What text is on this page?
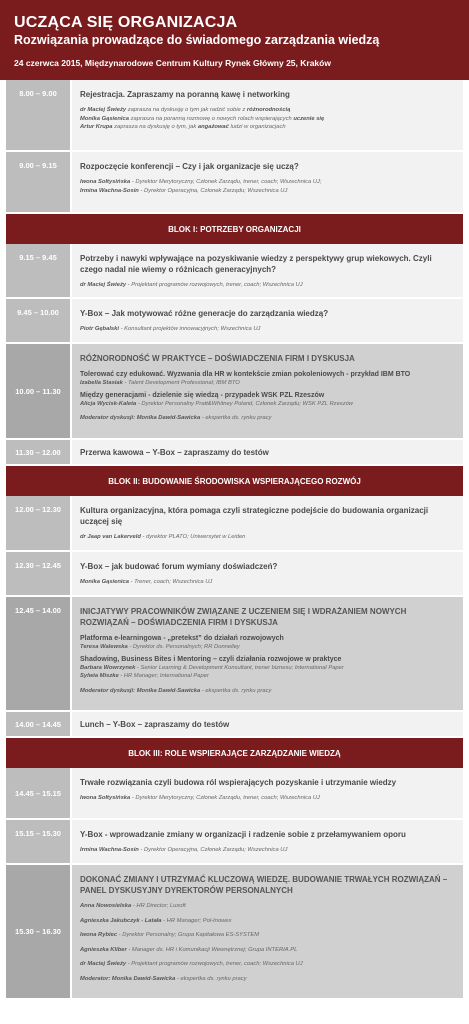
UCZĄCA SIĘ ORGANIZACJA
Rozwiązania prowadzące do świadomego zarządzania wiedzą
24 czerwca 2015, Międzynarodowe Centrum Kultury Rynek Główny 25, Kraków
8.00 – 9.00	Rejestracja. Zapraszamy na poranną kawę i networking
dr Maciej Świeży zaprasza na dyskusję o tym jak radzić sobie z różnorodnością
Monika Gąsienica zaprasza na poranną rozmowę o nowych rolach wspierających uczenie się
Artur Krupa zaprasza na dyskusję o tym, jak angażować ludzi w organizacjach
9.00 – 9.15	Rozpoczęcie konferencji – Czy i jak organizacje się uczą?
Iwona Sołtysińska - Dyrektor Merytoryczny, Członek Zarządu, trener, coach; Wszechnica UJ;
Irmina Wachna-Sosin - Dyrektor Operacyjna, Członek Zarządu; Wszechnica UJ
BLOK I: POTRZEBY ORGANIZACJI
9.15 – 9.45	Potrzeby i nawyki wpływające na pozyskiwanie wiedzy z perspektywy grup wiekowych. Czyli czego nadal nie wiemy o różnicach generacyjnych?
dr Maciej Świeży - Projektant programów rozwojowych, trener, coach; Wszechnica UJ
9.45 – 10.00	Y-Box – Jak motywować różne generacje do zarządzania wiedzą?
Piotr Gębalski - Konsultant projektów innowacyjnych; Wszechnica UJ
10.00 – 11.30
RÓŻNORODNOŚĆ W PRAKTYCE – DOŚWIADCZENIA FIRM I DYSKUSJA
Tolerować czy edukować. Wyzwania dla HR w kontekście zmian pokoleniowych - przykład IBM BTO
Izabella Stasiak - Talent Development Professional; IBM BTO
Między generacjami - dzielenie się wiedzą - przypadek WSK PZL Rzeszów
Alicja Wycisk-Kaleta - Dyrektor Personalny Pratt&Whitney Poland, Członek Zarządu; WSK PZL Rzeszów
Moderator dyskusji: Monika Dawid-Sawicka - ekspertka ds. rynku pracy
11.30 – 12.00	Przerwa kawowa – Y-Box – zapraszamy do testów
BLOK II: BUDOWANIE ŚRODOWISKA WSPIERAJĄCEGO ROZWÓJ
12.00 – 12.30	Kultura organizacyjna, która pomaga czyli strategiczne podejście do budowania organizacji uczącej się
dr Jaap van Lakerveld - dyrektor PLATO; Uniwersytet w Leiden
12.30 – 12.45	Y-Box – jak budować forum wymiany doświadczeń?
Monika Gąsienica - Trener, coach; Wszechnica UJ
12.45 – 14.00	INICJATYWY PRACOWNIKÓW ZWIĄZANE Z UCZENIEM SIĘ I WDRAŻANIEM NOWYCH ROZWIĄZAŃ – DOŚWIADCZENIA FIRM I DYSKUSJA
Platforma e-learningowa - „pretekst” do działań rozwojowych
Teresa Walewska - Dyrektor ds. Personalnych; RR Donnelley
Shadowing, Business Bites i Mentoring – czyli działania rozwojowe w praktyce
Barbara Wowrzynek - Senior Learning & Development Konsultant, trener biznesu; International Paper
Sylwia Miszke - HR Manager; International Paper
Moderator dyskusji: Monika Dawid-Sawicka - ekspertka ds. rynku pracy
14.00 – 14.45	Lunch – Y-Box – zapraszamy do testów
BLOK III: ROLE WSPIERAJĄCE ZARZĄDZANIE WIEDZĄ
14.45 – 15.15
Trwałe rozwiązania czyli budowa ról wspierających pozyskanie i utrzymanie wiedzy
Iwona Sołtysińska - Dyrektor Merytoryczny, Członek Zarządu, trener, coach; Wszechnica UJ
15.15 – 15.30	Y-Box - wprowadzanie zmiany w organizacji i radzenie sobie z przełamywaniem oporu
Irmina Wachna-Sosin - Dyrektor Operacyjna, Członek Zarządu; Wszechnica UJ
15.30 – 16.30
DOKONAĆ ZMIANY I UTRZYMAĆ KLUCZOWĄ WIEDZĘ. BUDOWANIE TRWAŁYCH ROZWIĄZAŃ – PANEL DYSKUSYJNY DYREKTORÓW PERSONALNYCH
Anna Nowosielska - HR Director; Luxoft
Agnieszka Jakubczyk - Latała - HR Manager; Pol-Inowex
Iwona Rybiec - Dyrektor Personalny; Grupa Kapitałowa ES-SYSTEM
Agnieszka Kliber - Manager ds. HR i Komunikacji Wewnętrznej; Grupa INTERIA.PL
dr Maciej Świeży - Projektant programów rozwojowych, trener, coach; Wszechnica UJ
Moderator: Monika Dawid-Sawicka - ekspertka ds. rynku pracy
